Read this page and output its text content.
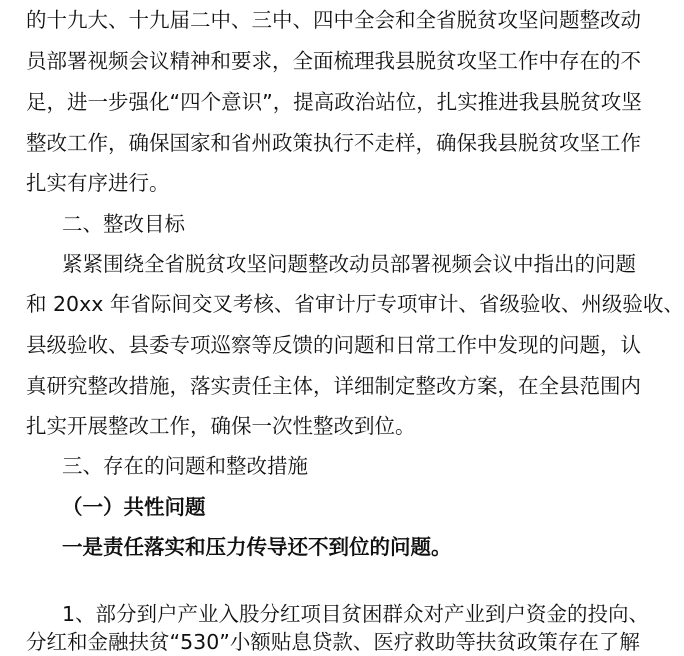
的十九大、十九届二中、三中、四中全会和全省脱贫攻坚问题整改动
员部署视频会议精神和要求，全面梳理我县脱贫攻坚工作中存在的不
足，进一步强化“四个意识”，提高政治站位，扎实推进我县脱贫攻坚
整改工作，确保国家和省州政策执行不走样，确保我县脱贫攻坚工作
扎实有序进行。
二、整改目标
紧紧围绕全省脱贫攻坚问题整改动员部署视频会议中指出的问题
和 20xx 年省际间交叉考核、省审计厅专项审计、省级验收、州级验收、
县级验收、县委专项巡察等反馈的问题和日常工作中发现的问题，认
真研究整改措施，落实责任主体，详细制定整改方案，在全县范围内
扎实开展整改工作，确保一次性整改到位。
三、存在的问题和整改措施
（一）共性问题
一是责任落实和压力传导还不到位的问题。
1、部分到户产业入股分红项目贫困群众对产业到户资金的投向、
分红和金融扶贫“530”小额贴息贷款、医疗救助等扶贫政策存在了解
